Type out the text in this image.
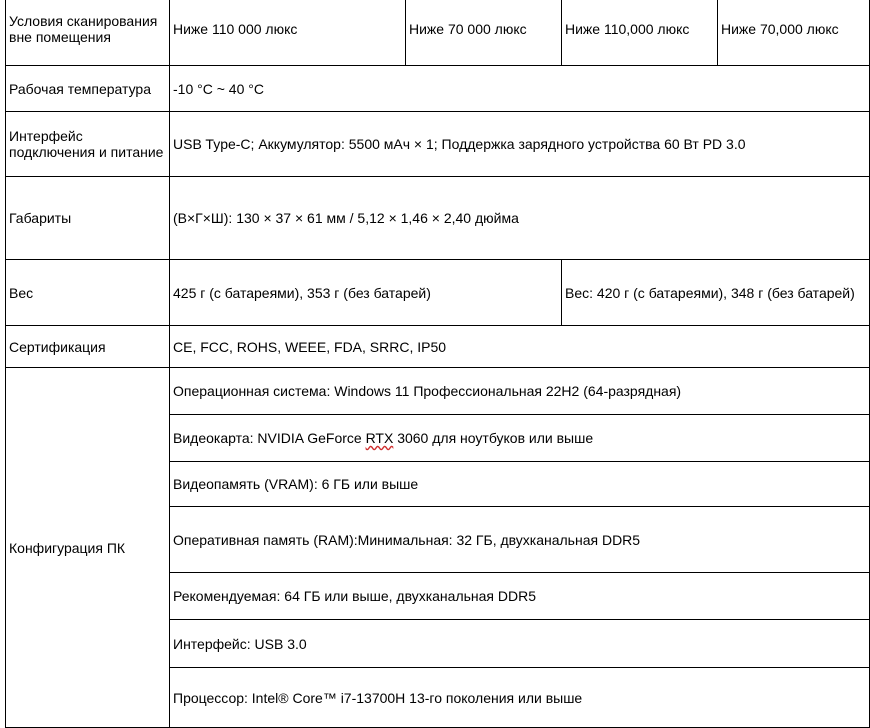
Условия сканирования вне помещения	Ниже 110 000 люкс	Ниже 70 000 люкс	Ниже 110,000 люкс	Ниже 70,000 люкс
Рабочая температура	-10 °C ~ 40 °C			
Интерфейс подключения и питание	USB Type-C; Аккумулятор: 5500 мАч × 1; Поддержка зарядного устройства 60 Вт PD 3.0			
Габариты	(В×Г×Ш): 130 × 37 × 61 мм / 5,12 × 1,46 × 2,40 дюйма			
Вес	425 г (с батареями), 353 г (без батарей)		Вес: 420 г (с батареями), 348 г (без батарей)	
Сертификация	CE, FCC, ROHS, WEEE, FDA, SRRC, IP50			
Конфигурация ПК	Операционная система: Windows 11 Профессиональная 22H2 (64-разрядная)			
	Видеокарта: NVIDIA GeForce RTX 3060 для ноутбуков или выше			
	Видеопамять (VRAM): 6 ГБ или выше			
	Оперативная память (RAM):Минимальная: 32 ГБ, двухканальная DDR5			
	Рекомендуемая: 64 ГБ или выше, двухканальная DDR5			
	Интерфейс: USB 3.0			
	Процессор: Intel® Core™ i7-13700H 13-го поколения или выше			
